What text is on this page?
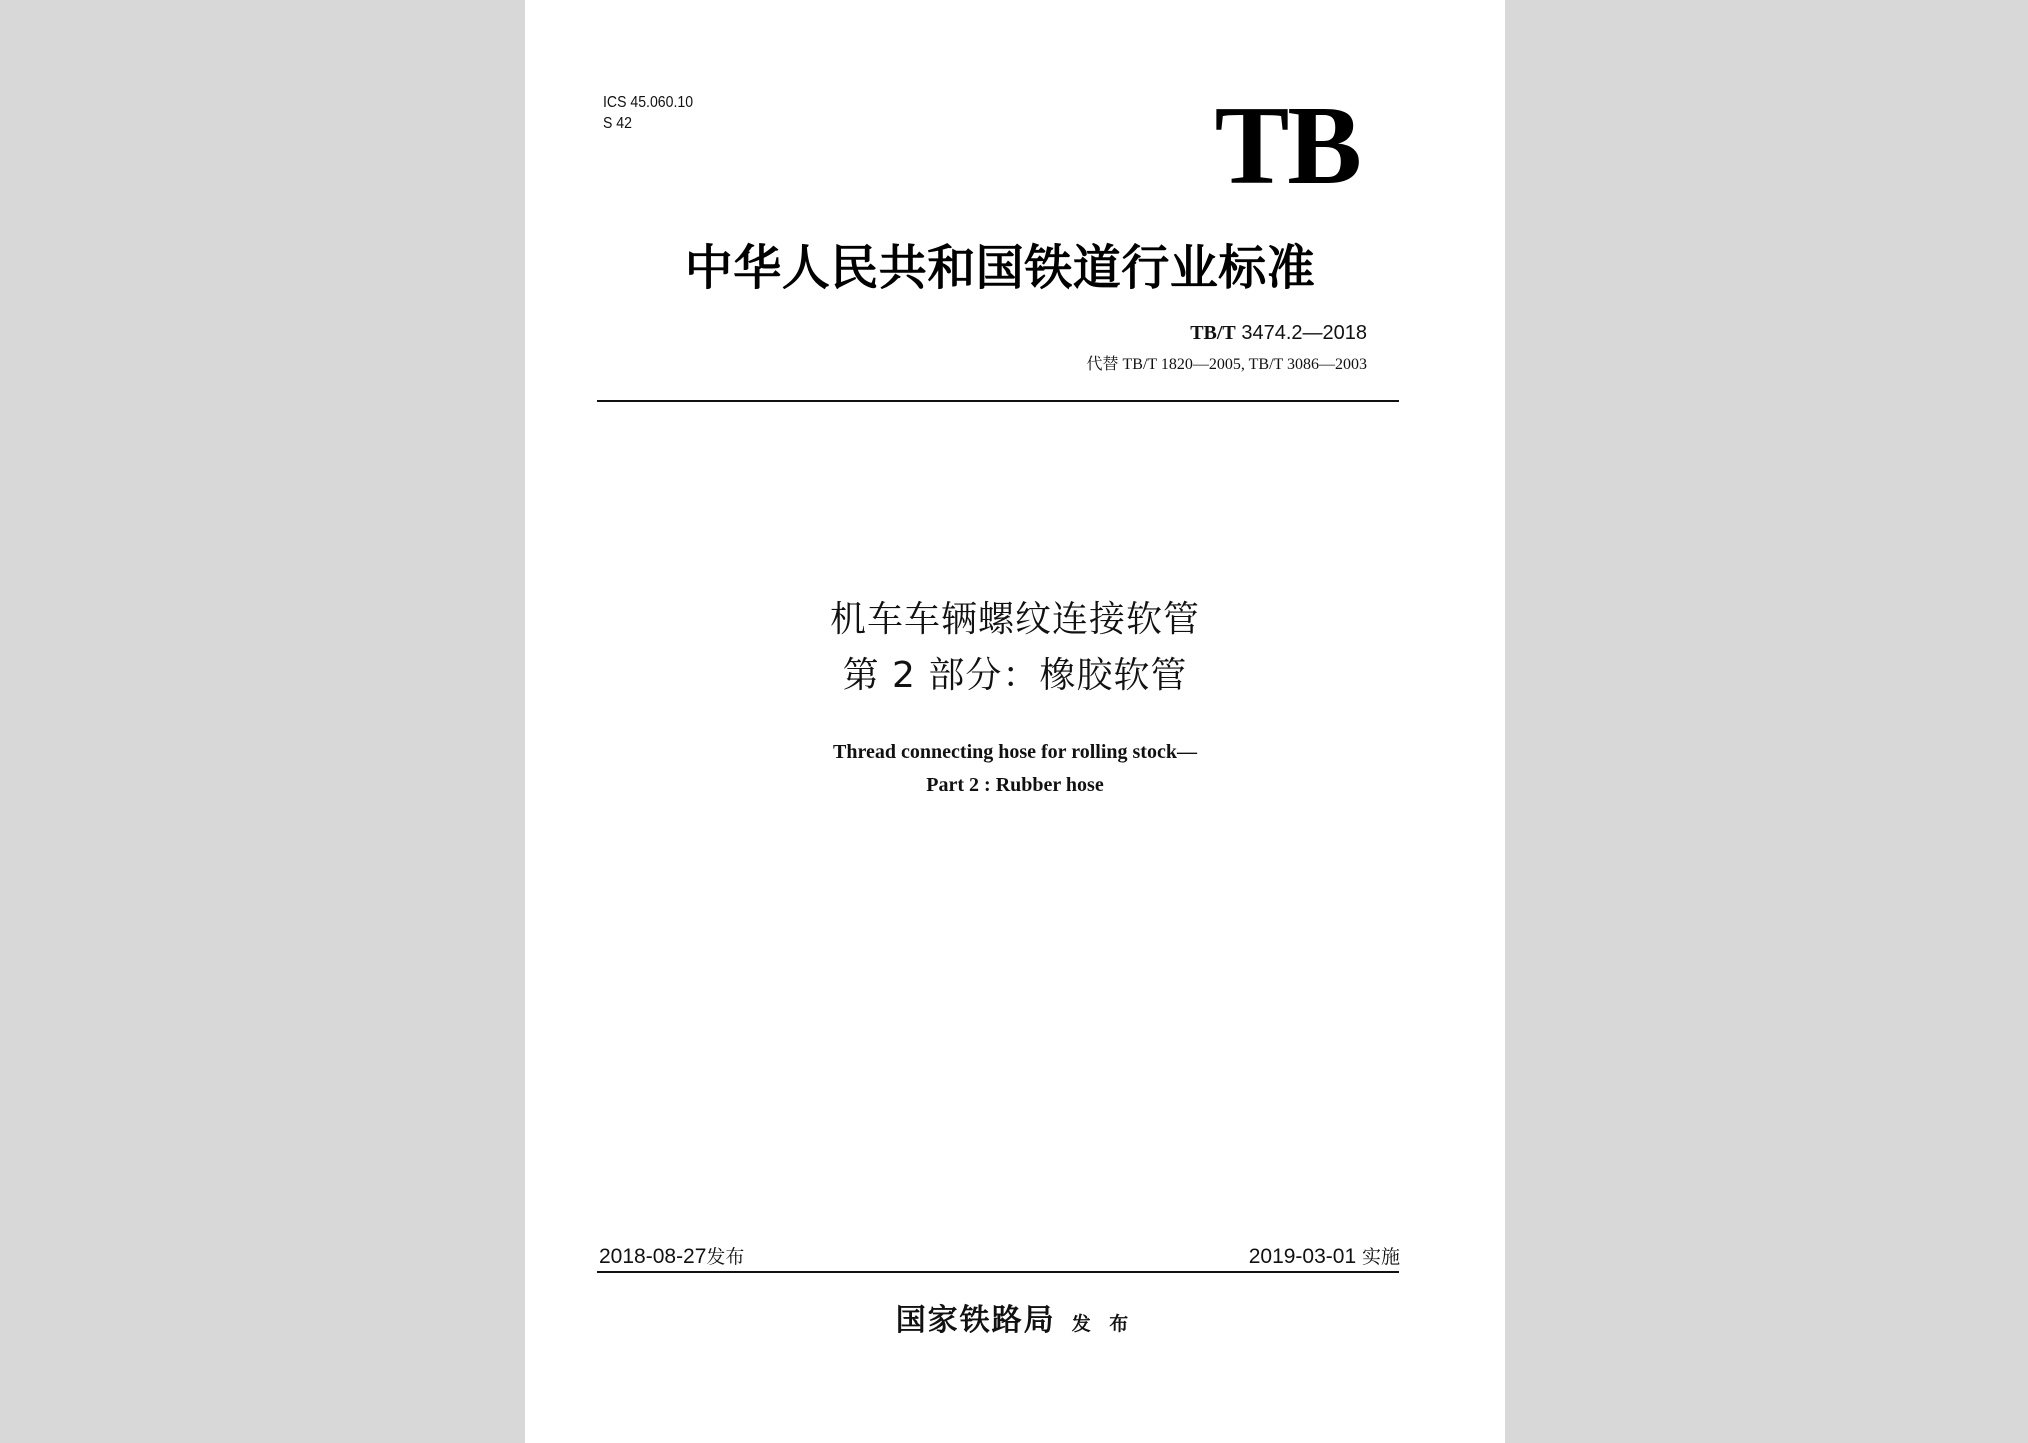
ICS 45.060.10
S 42	TB
中华人民共和国铁道行业标准
TB/T 3474.2—2018
代替 TB/T 1820—2005, TB/T 3086—2003
机车车辆螺纹连接软管
第 2 部分：橡胶软管
Thread connecting hose for rolling stock—
Part 2 : Rubber hose
2018-08-27发布	2019-03-01 实施
国家铁路局 发 布
